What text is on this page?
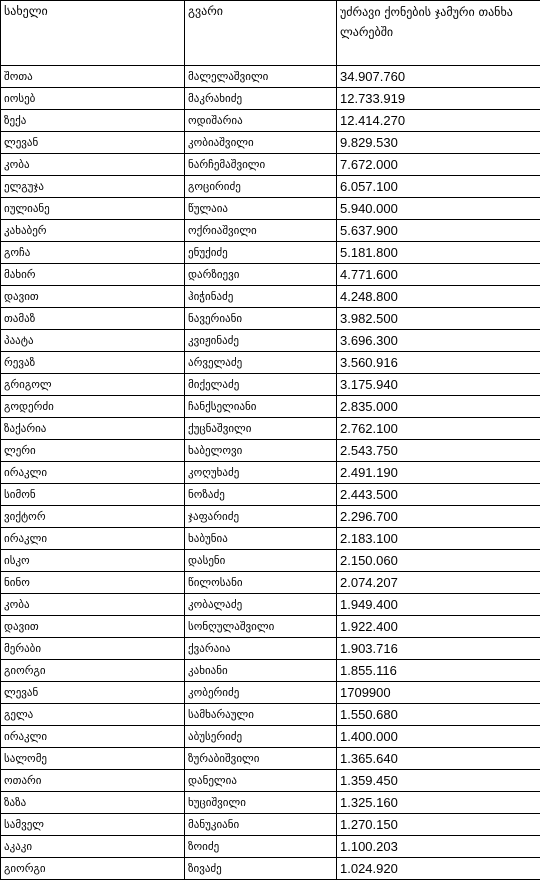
სახელი	გვარი	უძრავი ქონების ჯამური თანხა ლარებში
შოთა	მალელაშვილი	34.907.760
იოსებ	მაკრახიძე	12.733.919
ზექა	ოდიშარია	12.414.270
ლევან	კობიაშვილი	9.829.530
კობა	ნარჩემაშვილი	7.672.000
ელგუჯა	გოცირიძე	6.057.100
იულიანე	წულაია	5.940.000
კახაბერ	ოქრიაშვილი	5.637.900
გოჩა	ენუქიძე	5.181.800
მახირ	დარზიევი	4.771.600
დავით	ჰიჭინაძე	4.248.800
თამაზ	ნავერიანი	3.982.500
პაატა	კვიჟინაძე	3.696.300
რევაზ	არველაძე	3.560.916
გრიგოლ	მიქელაძე	3.175.940
გოდერძი	ჩანქსელიანი	2.835.000
ზაქარია	ქუცნაშვილი	2.762.100
ლერი	ხაბელოვი	2.543.750
ირაკლი	კოღუხაძე	2.491.190
სიმონ	ნოზაძე	2.443.500
ვიქტორ	ჯაფარიძე	2.296.700
ირაკლი	ხაბუნია	2.183.100
ისკო	დასენი	2.150.060
ნინო	წილოსანი	2.074.207
კობა	კობალაძე	1.949.400
დავით	სონღულაშვილი	1.922.400
მერაბი	ქვარაია	1.903.716
გიორგი	კახიანი	1.855.116
ლევან	კობერიძე	1709900
გელა	სამხარაული	1.550.680
ირაკლი	აბუსერიძე	1.400.000
სალომე	ზურაბიშვილი	1.365.640
ოთარი	დანელია	1.359.450
ზაზა	ხუციშვილი	1.325.160
სამველ	მანუკიანი	1.270.150
აკაკი	ზოიძე	1.100.203
გიორგი	ზივაძე	1.024.920
